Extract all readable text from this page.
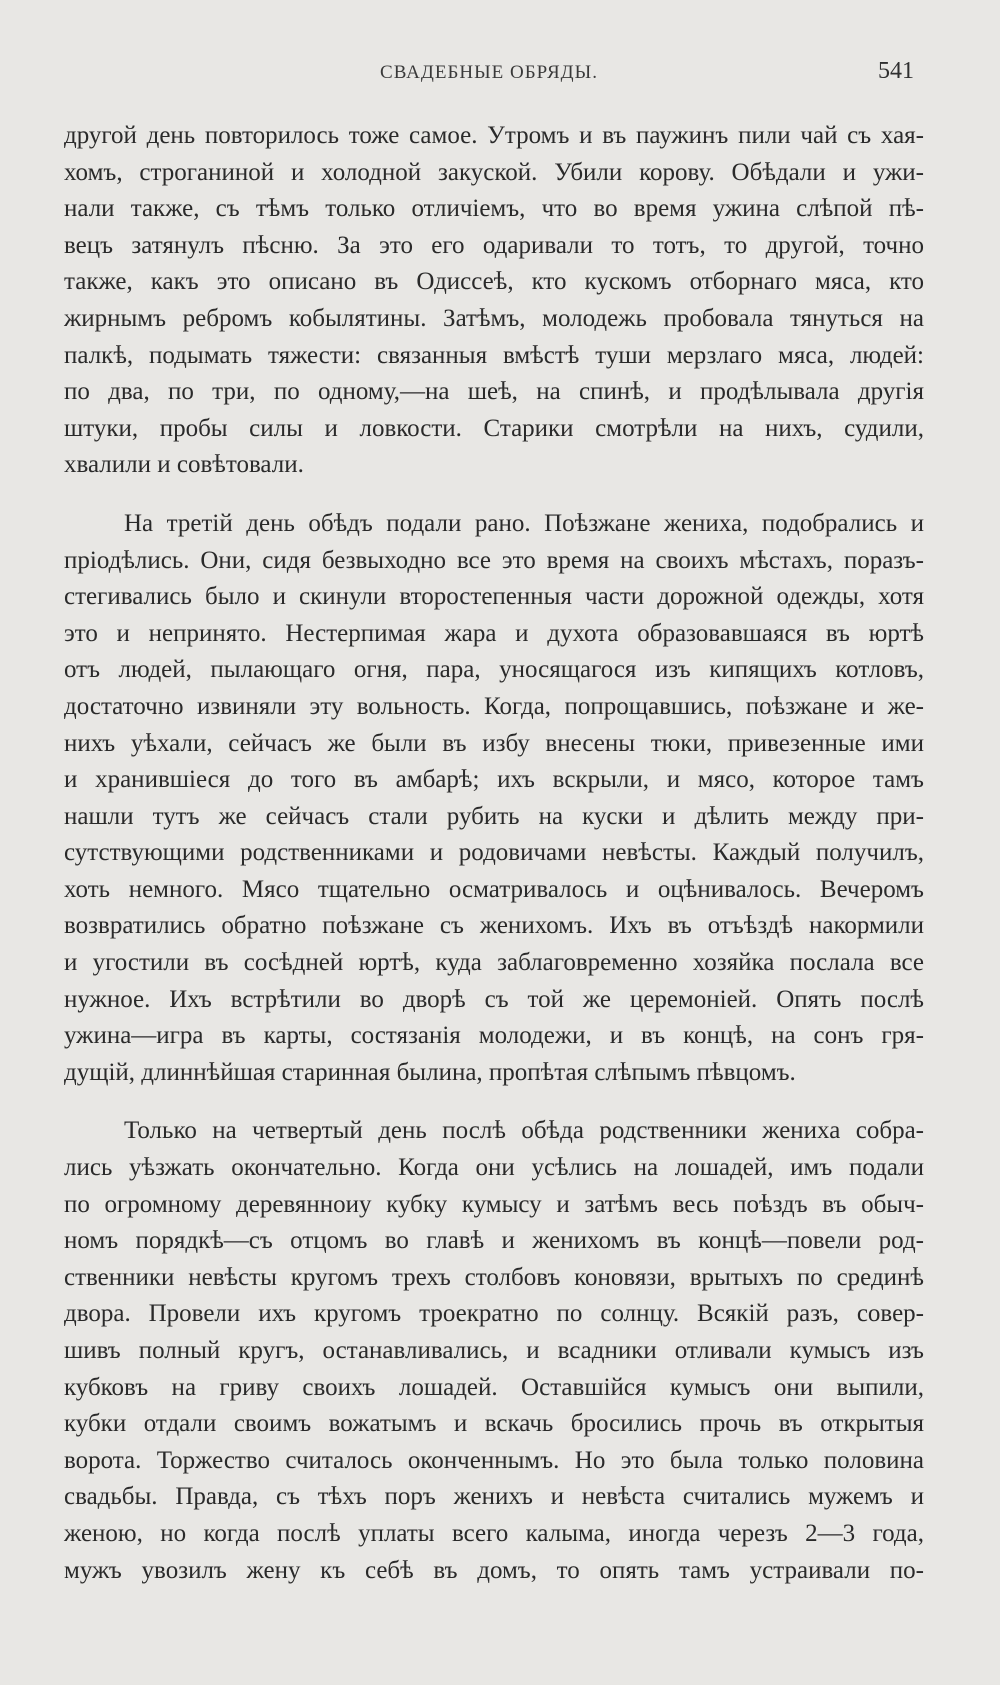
СВАДЕБНЫЕ ОБРЯДЫ.	541
другой день повторилось тоже самое. Утромъ и въ паужинъ пили чай съ хая-
хомъ, строганиной и холодной закуской. Убили корову. Обѣдали и ужи-
нали также, съ тѣмъ только отличіемъ, что во время ужина слѣпой пѣ-
вецъ затянулъ пѣсню. За это его одаривали то тотъ, то другой, точно
также, какъ это описано въ Одиссеѣ, кто кускомъ отборнаго мяса, кто
жирнымъ ребромъ кобылятины. Затѣмъ, молодежь пробовала тянуться на
палкѣ, подымать тяжести: связанныя вмѣстѣ туши мерзлаго мяса, людей:
по два, по три, по одному,—на шеѣ, на спинѣ, и продѣлывала другія
штуки, пробы силы и ловкости. Старики смотрѣли на нихъ, судили,
хвалили и совѣтовали.
На третій день обѣдъ подали рано. Поѣзжане жениха, подобрались и
пріодѣлись. Они, сидя безвыходно все это время на своихъ мѣстахъ, поразъ-
стегивались было и скинули второстепенныя части дорожной одежды, хотя
это и непринято. Нестерпимая жара и духота образовавшаяся въ юртѣ
отъ людей, пылающаго огня, пара, уносящагося изъ кипящихъ котловъ,
достаточно извиняли эту вольность. Когда, попрощавшись, поѣзжане и же-
нихъ уѣхали, сейчасъ же были въ избу внесены тюки, привезенные ими
и хранившіеся до того въ амбарѣ; ихъ вскрыли, и мясо, которое тамъ
нашли тутъ же сейчасъ стали рубить на куски и дѣлить между при-
сутствующими родственниками и родовичами невѣсты. Каждый получилъ,
хоть немного. Мясо тщательно осматривалось и оцѣнивалось. Вечеромъ
возвратились обратно поѣзжане съ женихомъ. Ихъ въ отъѣздѣ накормили
и угостили въ сосѣдней юртѣ, куда заблаговременно хозяйка послала все
нужное. Ихъ встрѣтили во дворѣ съ той же церемоніей. Опять послѣ
ужина—игра въ карты, состязанія молодежи, и въ концѣ, на сонъ гря-
дущій, длиннѣйшая старинная былина, пропѣтая слѣпымъ пѣвцомъ.
Только на четвертый день послѣ обѣда родственники жениха собра-
лись уѣзжать окончательно. Когда они усѣлись на лошадей, имъ подали
по огромному деревянноиу кубку кумысу и затѣмъ весь поѣздъ въ обыч-
номъ порядкѣ—съ отцомъ во главѣ и женихомъ въ концѣ—повели род-
ственники невѣсты кругомъ трехъ столбовъ коновязи, врытыхъ по срединѣ
двора. Провели ихъ кругомъ троекратно по солнцу. Всякій разъ, совер-
шивъ полный кругъ, останавливались, и всадники отливали кумысъ изъ
кубковъ на гриву своихъ лошадей. Оставшійся кумысъ они выпили,
кубки отдали своимъ вожатымъ и вскачь бросились прочь въ открытыя
ворота. Торжество считалось оконченнымъ. Но это была только половина
свадьбы. Правда, съ тѣхъ поръ женихъ и невѣста считались мужемъ и
женою, но когда послѣ уплаты всего калыма, иногда черезъ 2—3 года,
мужъ увозилъ жену къ себѣ въ домъ, то опять тамъ устраивали по-
